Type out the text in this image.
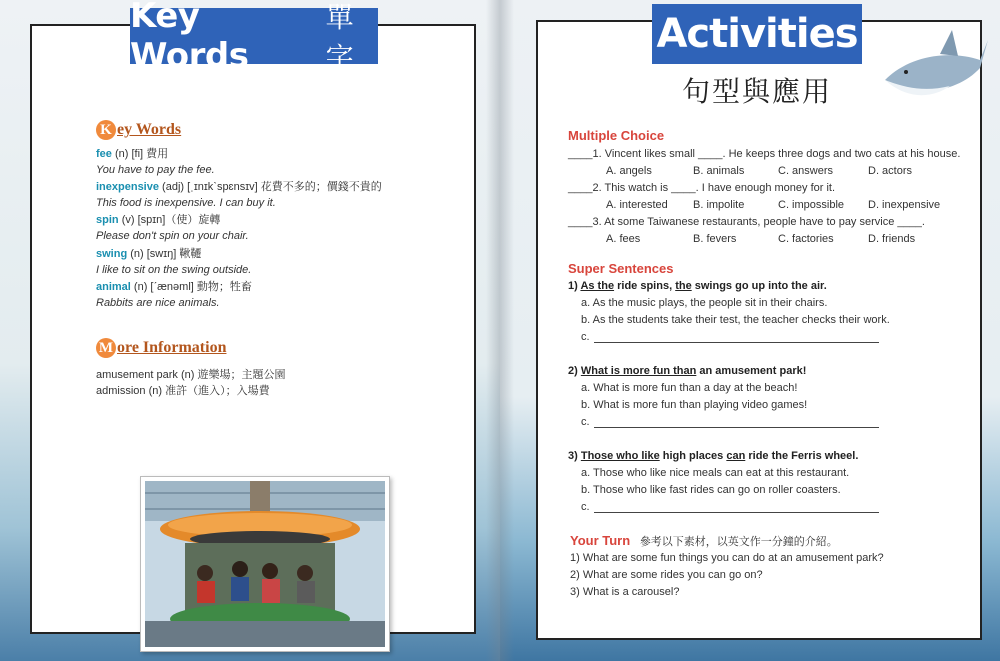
Key Words
單字
K ey Words
fee (n) [fi] 費用
You have to pay the fee.
inexpensive (adj) [ˌɪnɪkˋspɛnsɪv] 花費不多的；價錢不貴的
This food is inexpensive. I can buy it.
spin (v) [spɪn]（使）旋轉
Please don't spin on your chair.
swing (n) [swɪŋ] 鞦韆
I like to sit on the swing outside.
animal (n) [ˊænəml] 動物；牲畜
Rabbits are nice animals.
M ore Information
amusement park (n) 遊樂場；主題公園
admission (n) 准許（進入）；入場費
Activities
句型與應用
Multiple Choice
____1. Vincent likes small ____. He keeps three dogs and two cats at his house.
A. angels	B. animals	C. answers	D. actors
____2. This watch is ____. I have enough money for it.
A. interested B. impolite	C. impossible D. inexpensive
____3. At some Taiwanese restaurants, people have to pay service ____.
A. fees	B. fevers	C. factories	D. friends
Super Sentences
1) As the ride spins, the swings go up into the air.
a. As the music plays, the people sit in their chairs.
b. As the students take their test, the teacher checks their work.
c.
2) What is more fun than an amusement park!
a. What is more fun than a day at the beach!
b. What is more fun than playing video games!
c.
3) Those who like high places can ride the Ferris wheel.
a. Those who like nice meals can eat at this restaurant.
b. Those who like fast rides can go on roller coasters.
c.
Your Turn 參考以下素材，以英文作一分鐘的介紹。
1) What are some fun things you can do at an amusement park?
2) What are some rides you can go on?
3) What is a carousel?
